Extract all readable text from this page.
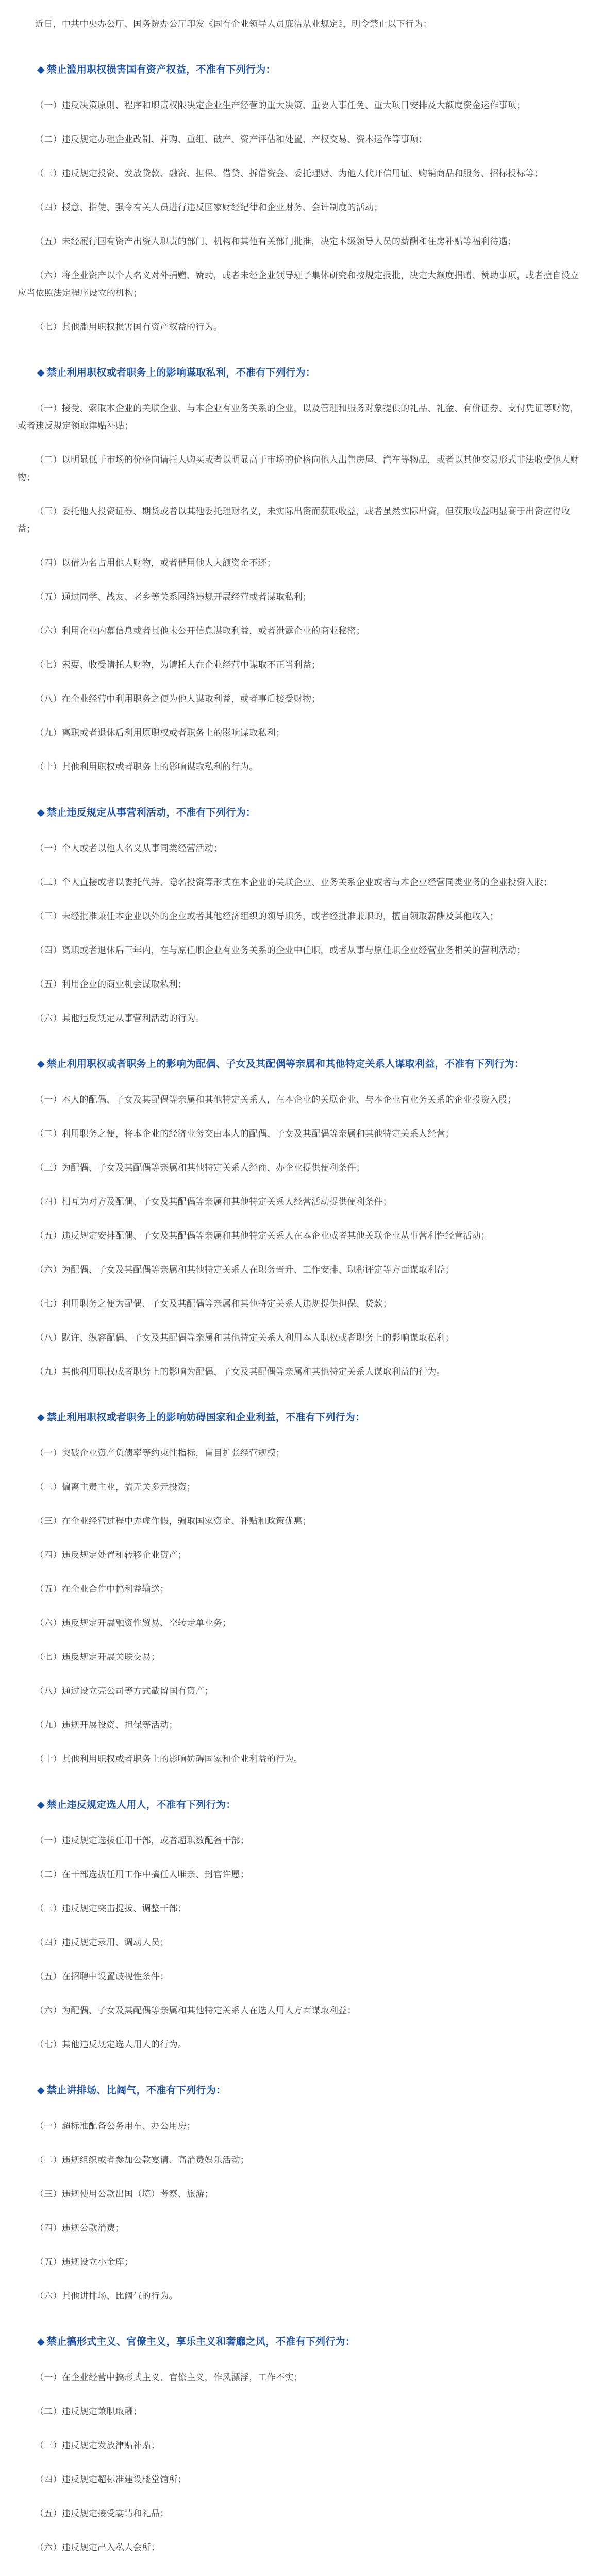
近日，中共中央办公厅、国务院办公厅印发《国有企业领导人员廉洁从业规定》，明令禁止以下行为：

◆ 禁止滥用职权损害国有资产权益，不准有下列行为：

（一）违反决策原则、程序和职责权限决定企业生产经营的重大决策、重要人事任免、重大项目安排及大额度资金运作事项；

（二）违反规定办理企业改制、并购、重组、破产、资产评估和处置、产权交易、资本运作等事项；

（三）违反规定投资、发放贷款、融资、担保、借贷、拆借资金、委托理财、为他人代开信用证、购销商品和服务、招标投标等；

（四）授意、指使、强令有关人员进行违反国家财经纪律和企业财务、会计制度的活动；

（五）未经履行国有资产出资人职责的部门、机构和其他有关部门批准，决定本级领导人员的薪酬和住房补贴等福利待遇；

（六）将企业资产以个人名义对外捐赠、赞助，或者未经企业领导班子集体研究和按规定报批，决定大额度捐赠、赞助事项，或者擅自设立应当依照法定程序设立的机构；

（七）其他滥用职权损害国有资产权益的行为。

◆ 禁止利用职权或者职务上的影响谋取私利，不准有下列行为：

（一）接受、索取本企业的关联企业、与本企业有业务关系的企业，以及管理和服务对象提供的礼品、礼金、有价证券、支付凭证等财物，或者违反规定领取津贴补贴；

（二）以明显低于市场的价格向请托人购买或者以明显高于市场的价格向他人出售房屋、汽车等物品，或者以其他交易形式非法收受他人财物；

（三）委托他人投资证券、期货或者以其他委托理财名义，未实际出资而获取收益，或者虽然实际出资，但获取收益明显高于出资应得收益；

（四）以借为名占用他人财物，或者借用他人大额资金不还；

（五）通过同学、战友、老乡等关系网络违规开展经营或者谋取私利；

（六）利用企业内幕信息或者其他未公开信息谋取利益，或者泄露企业的商业秘密；

（七）索要、收受请托人财物，为请托人在企业经营中谋取不正当利益；

（八）在企业经营中利用职务之便为他人谋取利益，或者事后接受财物；

（九）离职或者退休后利用原职权或者职务上的影响谋取私利；

（十）其他利用职权或者职务上的影响谋取私利的行为。

◆ 禁止违反规定从事营利活动，不准有下列行为：

（一）个人或者以他人名义从事同类经营活动；

（二）个人直接或者以委托代持、隐名投资等形式在本企业的关联企业、业务关系企业或者与本企业经营同类业务的企业投资入股；

（三）未经批准兼任本企业以外的企业或者其他经济组织的领导职务，或者经批准兼职的，擅自领取薪酬及其他收入；

（四）离职或者退休后三年内，在与原任职企业有业务关系的企业中任职，或者从事与原任职企业经营业务相关的营利活动；

（五）利用企业的商业机会谋取私利；

（六）其他违反规定从事营利活动的行为。

◆ 禁止利用职权或者职务上的影响为配偶、子女及其配偶等亲属和其他特定关系人谋取利益，不准有下列行为：

（一）本人的配偶、子女及其配偶等亲属和其他特定关系人，在本企业的关联企业、与本企业有业务关系的企业投资入股；

（二）利用职务之便，将本企业的经济业务交由本人的配偶、子女及其配偶等亲属和其他特定关系人经营；

（三）为配偶、子女及其配偶等亲属和其他特定关系人经商、办企业提供便利条件；

（四）相互为对方及配偶、子女及其配偶等亲属和其他特定关系人经营活动提供便利条件；

（五）违反规定安排配偶、子女及其配偶等亲属和其他特定关系人在本企业或者其他关联企业从事营利性经营活动；

（六）为配偶、子女及其配偶等亲属和其他特定关系人在职务晋升、工作安排、职称评定等方面谋取利益；

（七）利用职务之便为配偶、子女及其配偶等亲属和其他特定关系人违规提供担保、贷款；

（八）默许、纵容配偶、子女及其配偶等亲属和其他特定关系人利用本人职权或者职务上的影响谋取私利；

（九）其他利用职权或者职务上的影响为配偶、子女及其配偶等亲属和其他特定关系人谋取利益的行为。

◆ 禁止利用职权或者职务上的影响妨碍国家和企业利益，不准有下列行为：

（一）突破企业资产负债率等约束性指标，盲目扩张经营规模；

（二）偏离主责主业，搞无关多元投资；

（三）在企业经营过程中弄虚作假，骗取国家资金、补贴和政策优惠；

（四）违反规定处置和转移企业资产；

（五）在企业合作中搞利益输送；

（六）违反规定开展融资性贸易、空转走单业务；

（七）违反规定开展关联交易；

（八）通过设立壳公司等方式截留国有资产；

（九）违规开展投资、担保等活动；

（十）其他利用职权或者职务上的影响妨碍国家和企业利益的行为。

◆ 禁止违反规定选人用人，不准有下列行为：

（一）违反规定选拔任用干部，或者超职数配备干部；

（二）在干部选拔任用工作中搞任人唯亲、封官许愿；

（三）违反规定突击提拔、调整干部；

（四）违反规定录用、调动人员；

（五）在招聘中设置歧视性条件；

（六）为配偶、子女及其配偶等亲属和其他特定关系人在选人用人方面谋取利益；

（七）其他违反规定选人用人的行为。

◆ 禁止讲排场、比阔气，不准有下列行为：

（一）超标准配备公务用车、办公用房；

（二）违规组织或者参加公款宴请、高消费娱乐活动；

（三）违规使用公款出国（境）考察、旅游；

（四）违规公款消费；

（五）违规设立小金库；

（六）其他讲排场、比阔气的行为。

◆ 禁止搞形式主义、官僚主义，享乐主义和奢靡之风，不准有下列行为：

（一）在企业经营中搞形式主义、官僚主义，作风漂浮，工作不实；

（二）违反规定兼职取酬；

（三）违反规定发放津贴补贴；

（四）违反规定超标准建设楼堂馆所；

（五）违反规定接受宴请和礼品；

（六）违反规定出入私人会所；
